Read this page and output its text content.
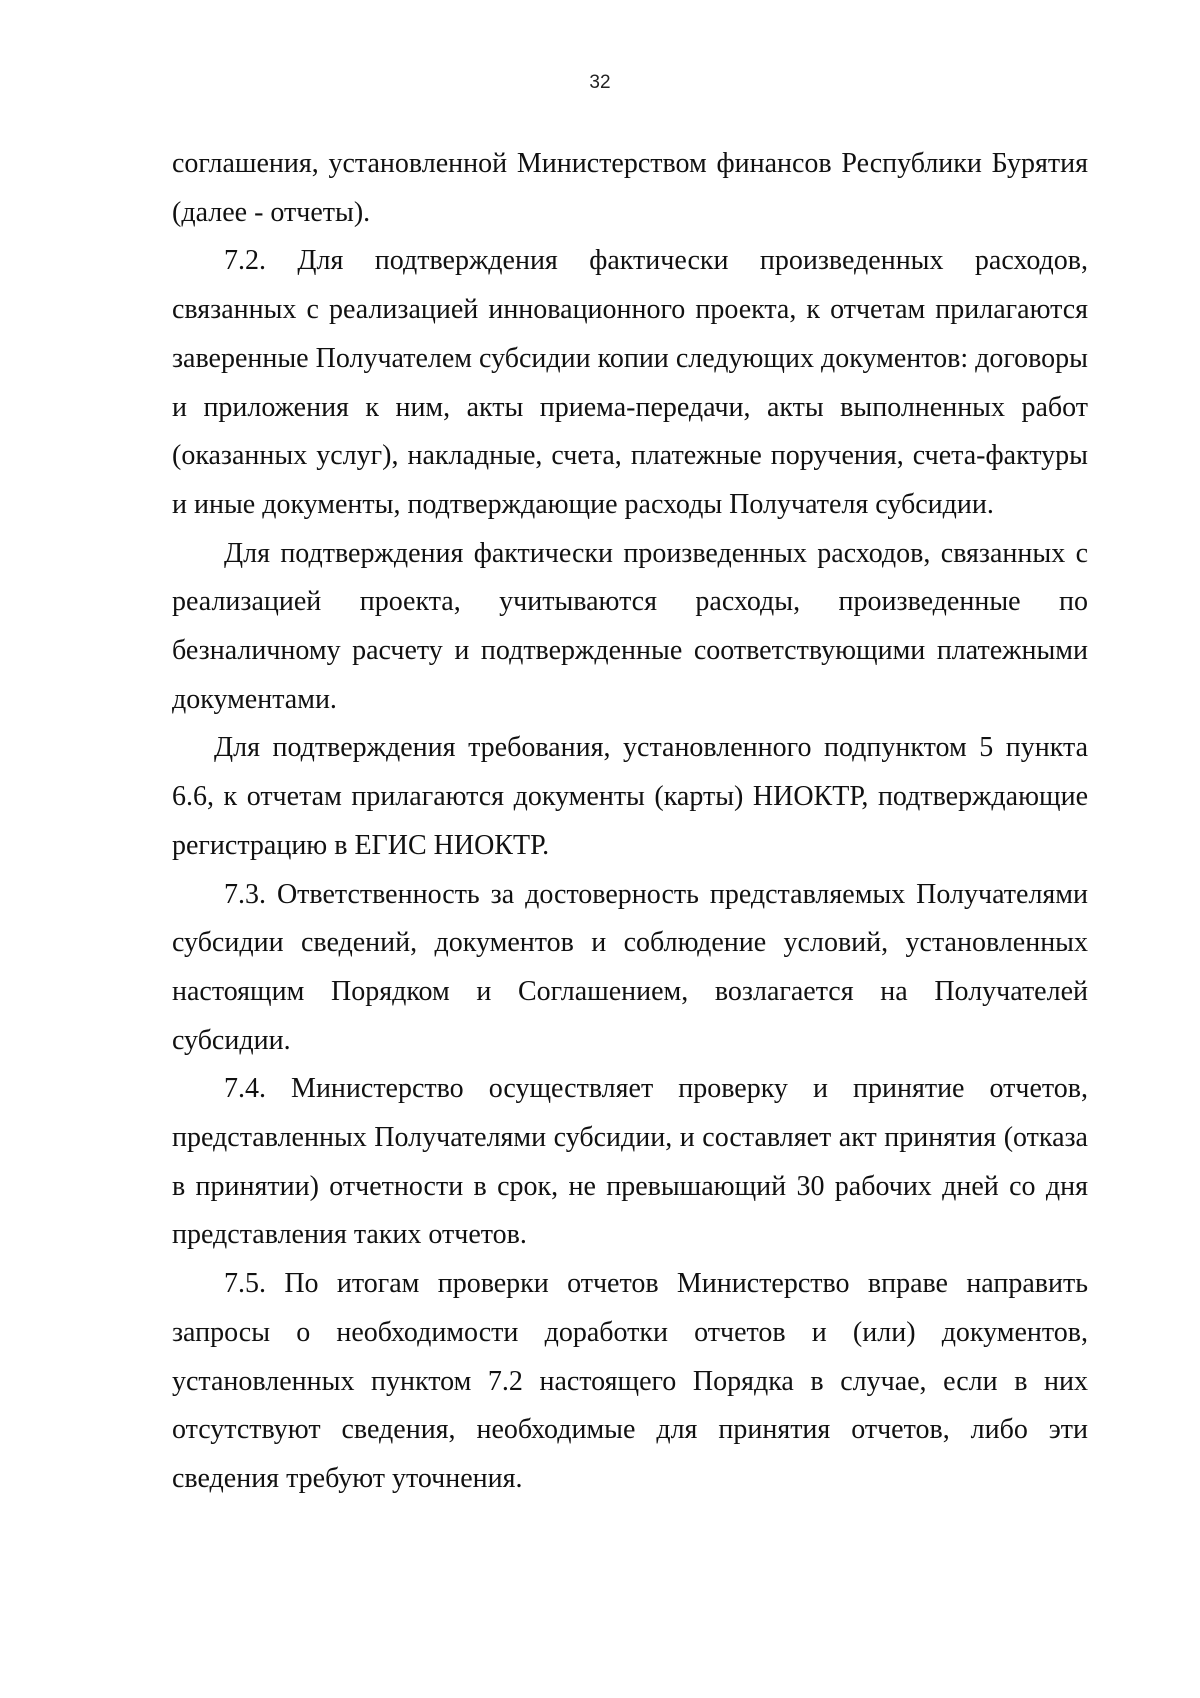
32

соглашения, установленной Министерством финансов Республики Бурятия (далее - отчеты).

7.2. Для подтверждения фактически произведенных расходов, связанных с реализацией инновационного проекта, к отчетам прилагаются заверенные Получателем субсидии копии следующих документов: договоры и приложения к ним, акты приема-передачи, акты выполненных работ (оказанных услуг), накладные, счета, платежные поручения, счета-фактуры и иные документы, подтверждающие расходы Получателя субсидии.

Для подтверждения фактически произведенных расходов, связанных с реализацией проекта, учитываются расходы, произведенные по безналичному расчету и подтвержденные соответствующими платежными документами.

Для подтверждения требования, установленного подпунктом 5 пункта 6.6, к отчетам прилагаются документы (карты) НИОКТР, подтверждающие регистрацию в ЕГИС НИОКТР.

7.3. Ответственность за достоверность представляемых Получателями субсидии сведений, документов и соблюдение условий, установленных настоящим Порядком и Соглашением, возлагается на Получателей субсидии.

7.4. Министерство осуществляет проверку и принятие отчетов, представленных Получателями субсидии, и составляет акт принятия (отказа в принятии) отчетности в срок, не превышающий 30 рабочих дней со дня представления таких отчетов.

7.5. По итогам проверки отчетов Министерство вправе направить запросы о необходимости доработки отчетов и (или) документов, установленных пунктом 7.2 настоящего Порядка в случае, если в них отсутствуют сведения, необходимые для принятия отчетов, либо эти сведения требуют уточнения.
